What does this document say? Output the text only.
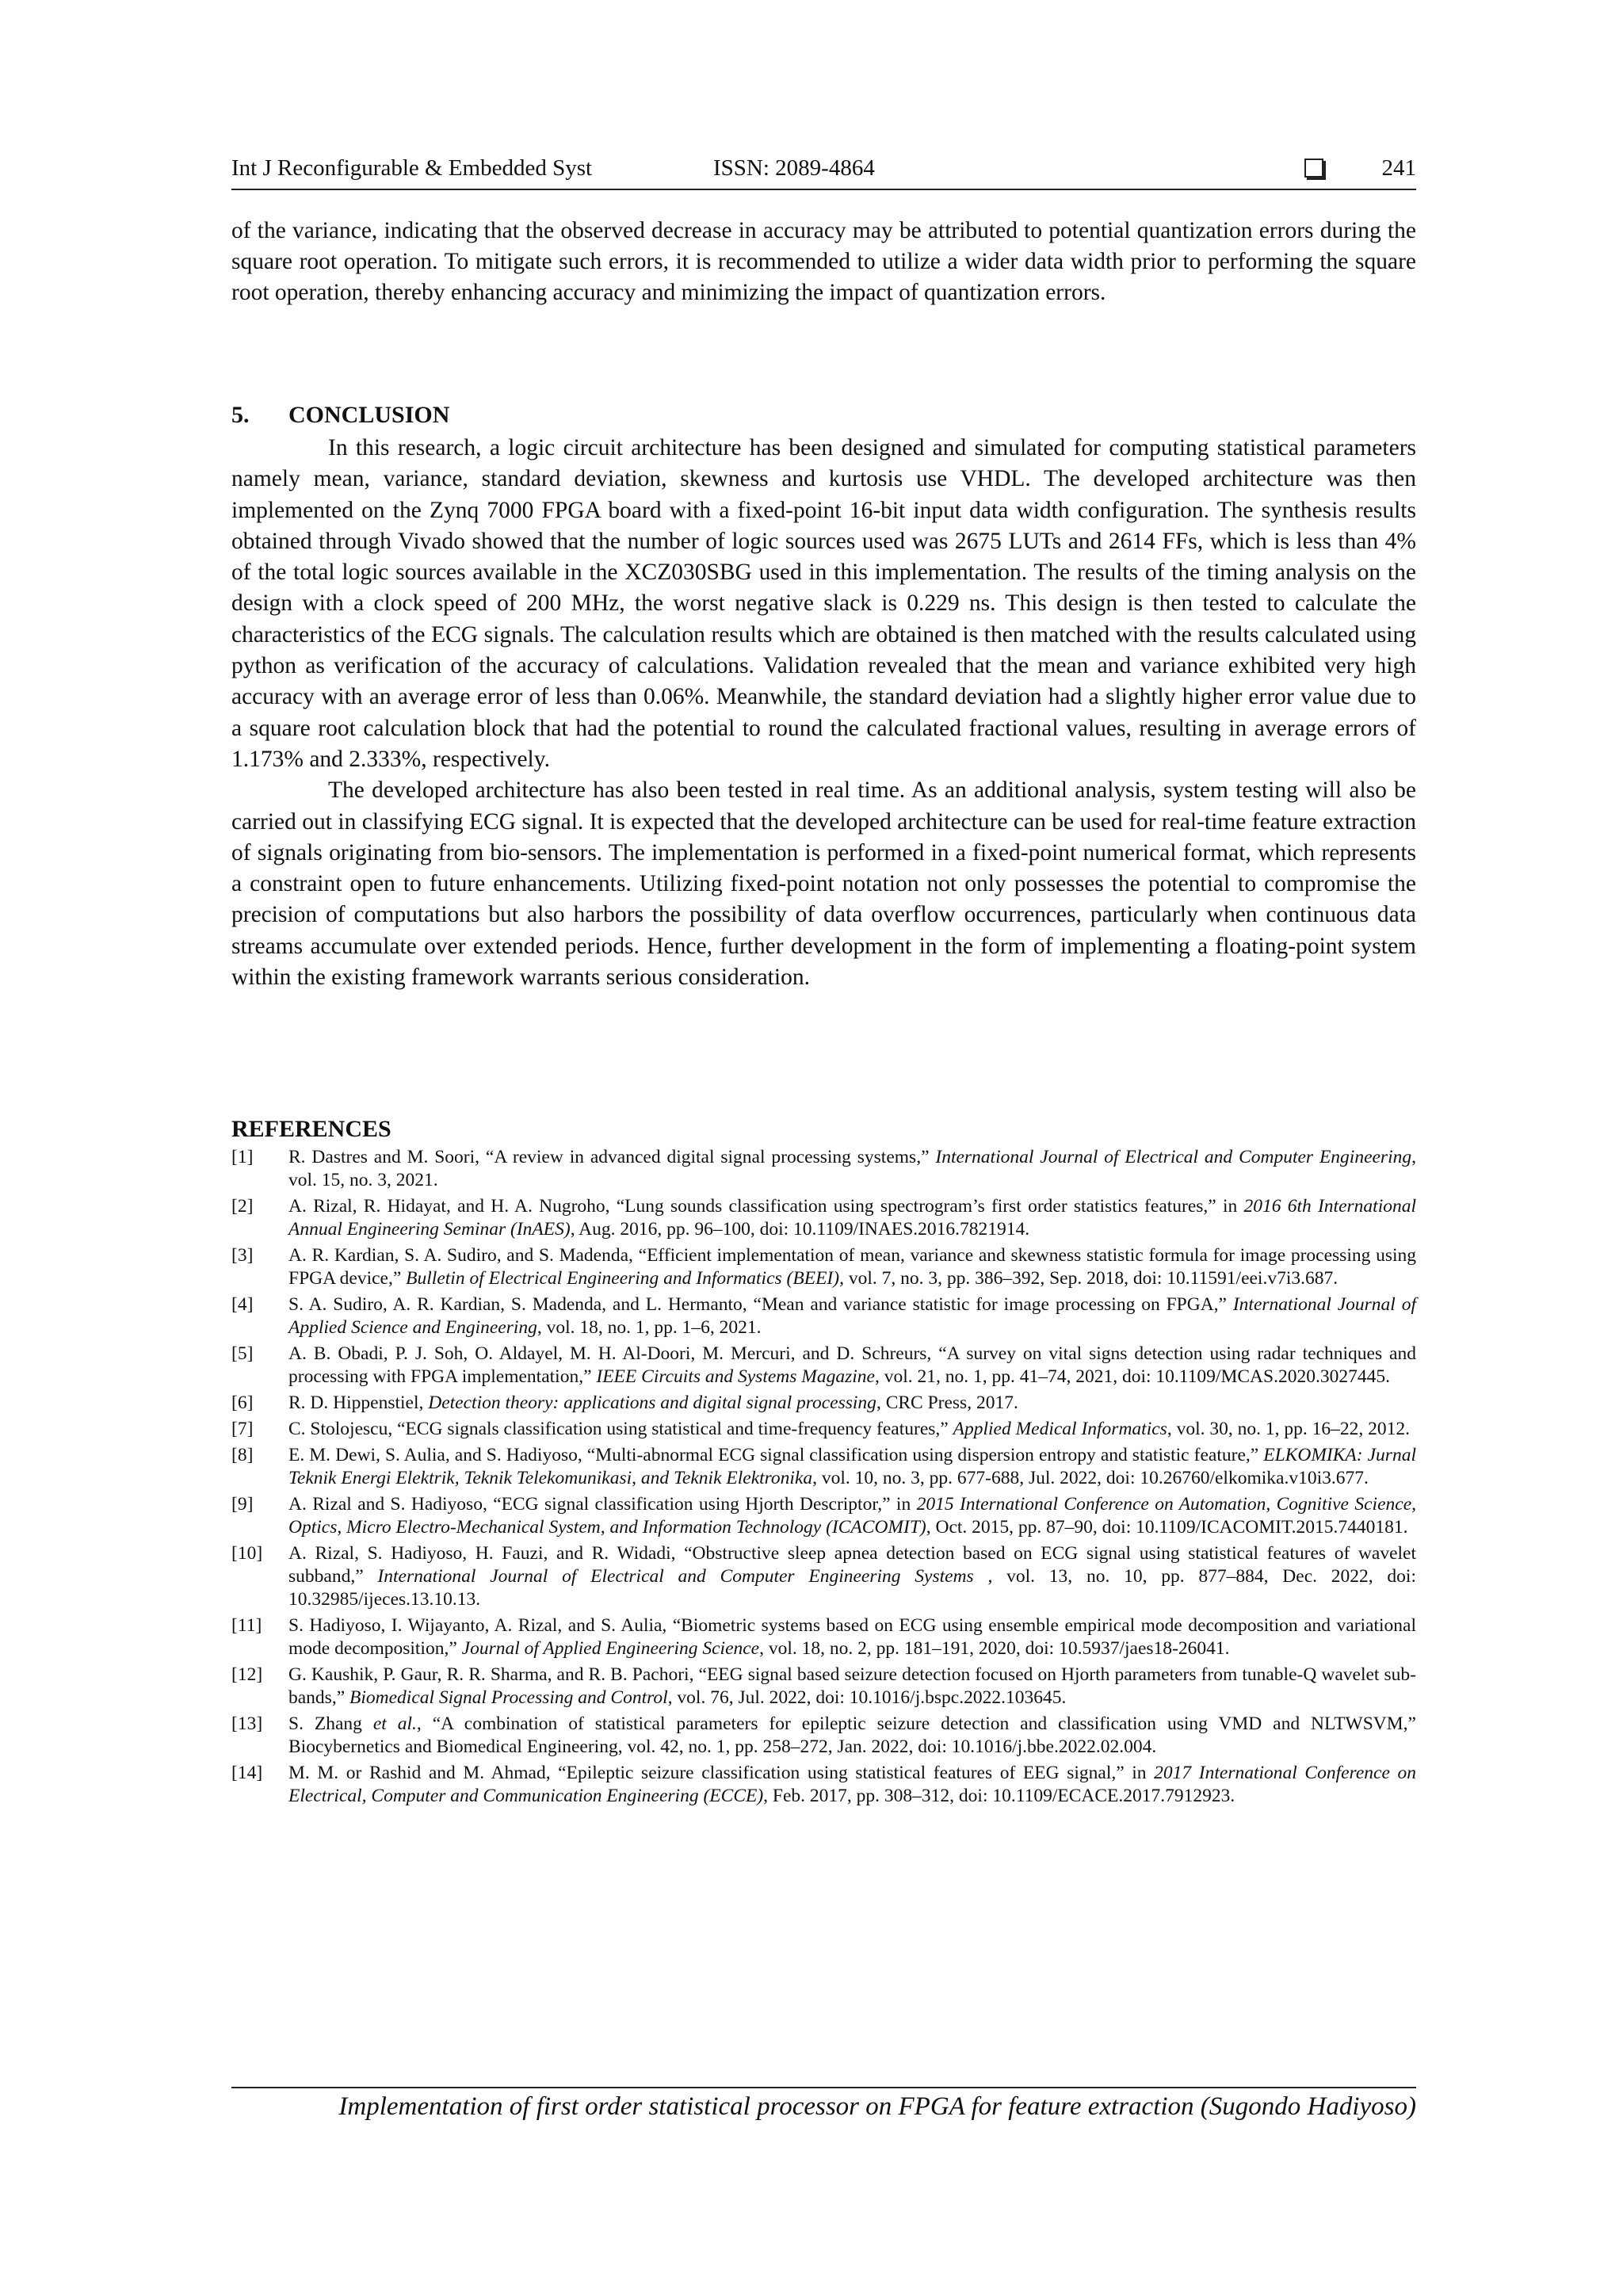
Int J Reconfigurable & Embedded Syst	ISSN: 2089-4864	241

of the variance, indicating that the observed decrease in accuracy may be attributed to potential quantization errors during the square root operation. To mitigate such errors, it is recommended to utilize a wider data width prior to performing the square root operation, thereby enhancing accuracy and minimizing the impact of quantization errors.

5. CONCLUSION

In this research, a logic circuit architecture has been designed and simulated for computing statistical parameters namely mean, variance, standard deviation, skewness and kurtosis use VHDL. The developed architecture was then implemented on the Zynq 7000 FPGA board with a fixed-point 16-bit input data width configuration. The synthesis results obtained through Vivado showed that the number of logic sources used was 2675 LUTs and 2614 FFs, which is less than 4% of the total logic sources available in the XCZ030SBG used in this implementation. The results of the timing analysis on the design with a clock speed of 200 MHz, the worst negative slack is 0.229 ns. This design is then tested to calculate the characteristics of the ECG signals. The calculation results which are obtained is then matched with the results calculated using python as verification of the accuracy of calculations. Validation revealed that the mean and variance exhibited very high accuracy with an average error of less than 0.06%. Meanwhile, the standard deviation had a slightly higher error value due to a square root calculation block that had the potential to round the calculated fractional values, resulting in average errors of 1.173% and 2.333%, respectively.

The developed architecture has also been tested in real time. As an additional analysis, system testing will also be carried out in classifying ECG signal. It is expected that the developed architecture can be used for real-time feature extraction of signals originating from bio-sensors. The implementation is performed in a fixed-point numerical format, which represents a constraint open to future enhancements. Utilizing fixed-point notation not only possesses the potential to compromise the precision of computations but also harbors the possibility of data overflow occurrences, particularly when continuous data streams accumulate over extended periods. Hence, further development in the form of implementing a floating-point system within the existing framework warrants serious consideration.

REFERENCES
[1]	R. Dastres and M. Soori, “A review in advanced digital signal processing systems,” International Journal of Electrical and Computer Engineering, vol. 15, no. 3, 2021.
[2]	A. Rizal, R. Hidayat, and H. A. Nugroho, “Lung sounds classification using spectrogram’s first order statistics features,” in 2016 6th International Annual Engineering Seminar (InAES), Aug. 2016, pp. 96–100, doi: 10.1109/INAES.2016.7821914.
[3]	A. R. Kardian, S. A. Sudiro, and S. Madenda, “Efficient implementation of mean, variance and skewness statistic formula for image processing using FPGA device,” Bulletin of Electrical Engineering and Informatics (BEEI), vol. 7, no. 3, pp. 386–392, Sep. 2018, doi: 10.11591/eei.v7i3.687.
[4]	S. A. Sudiro, A. R. Kardian, S. Madenda, and L. Hermanto, “Mean and variance statistic for image processing on FPGA,” International Journal of Applied Science and Engineering, vol. 18, no. 1, pp. 1–6, 2021.
[5]	A. B. Obadi, P. J. Soh, O. Aldayel, M. H. Al-Doori, M. Mercuri, and D. Schreurs, “A survey on vital signs detection using radar techniques and processing with FPGA implementation,” IEEE Circuits and Systems Magazine, vol. 21, no. 1, pp. 41–74, 2021, doi: 10.1109/MCAS.2020.3027445.
[6]	R. D. Hippenstiel, Detection theory: applications and digital signal processing, CRC Press, 2017.
[7]	C. Stolojescu, “ECG signals classification using statistical and time-frequency features,” Applied Medical Informatics, vol. 30, no. 1, pp. 16–22, 2012.
[8]	E. M. Dewi, S. Aulia, and S. Hadiyoso, “Multi-abnormal ECG signal classification using dispersion entropy and statistic feature,” ELKOMIKA: Jurnal Teknik Energi Elektrik, Teknik Telekomunikasi, and Teknik Elektronika, vol. 10, no. 3, pp. 677-688, Jul. 2022, doi: 10.26760/elkomika.v10i3.677.
[9]	A. Rizal and S. Hadiyoso, “ECG signal classification using Hjorth Descriptor,” in 2015 International Conference on Automation, Cognitive Science, Optics, Micro Electro-Mechanical System, and Information Technology (ICACOMIT), Oct. 2015, pp. 87–90, doi: 10.1109/ICACOMIT.2015.7440181.
[10]	A. Rizal, S. Hadiyoso, H. Fauzi, and R. Widadi, “Obstructive sleep apnea detection based on ECG signal using statistical features of wavelet subband,” International Journal of Electrical and Computer Engineering Systems , vol. 13, no. 10, pp. 877–884, Dec. 2022, doi: 10.32985/ijeces.13.10.13.
[11]	S. Hadiyoso, I. Wijayanto, A. Rizal, and S. Aulia, “Biometric systems based on ECG using ensemble empirical mode decomposition and variational mode decomposition,” Journal of Applied Engineering Science, vol. 18, no. 2, pp. 181–191, 2020, doi: 10.5937/jaes18-26041.
[12]	G. Kaushik, P. Gaur, R. R. Sharma, and R. B. Pachori, “EEG signal based seizure detection focused on Hjorth parameters from tunable-Q wavelet sub-bands,” Biomedical Signal Processing and Control, vol. 76, Jul. 2022, doi: 10.1016/j.bspc.2022.103645.
[13]	S. Zhang et al., “A combination of statistical parameters for epileptic seizure detection and classification using VMD and NLTWSVM,” Biocybernetics and Biomedical Engineering, vol. 42, no. 1, pp. 258–272, Jan. 2022, doi: 10.1016/j.bbe.2022.02.004.
[14]	M. M. or Rashid and M. Ahmad, “Epileptic seizure classification using statistical features of EEG signal,” in 2017 International Conference on Electrical, Computer and Communication Engineering (ECCE), Feb. 2017, pp. 308–312, doi: 10.1109/ECACE.2017.7912923.
Implementation of first order statistical processor on FPGA for feature extraction (Sugondo Hadiyoso)
